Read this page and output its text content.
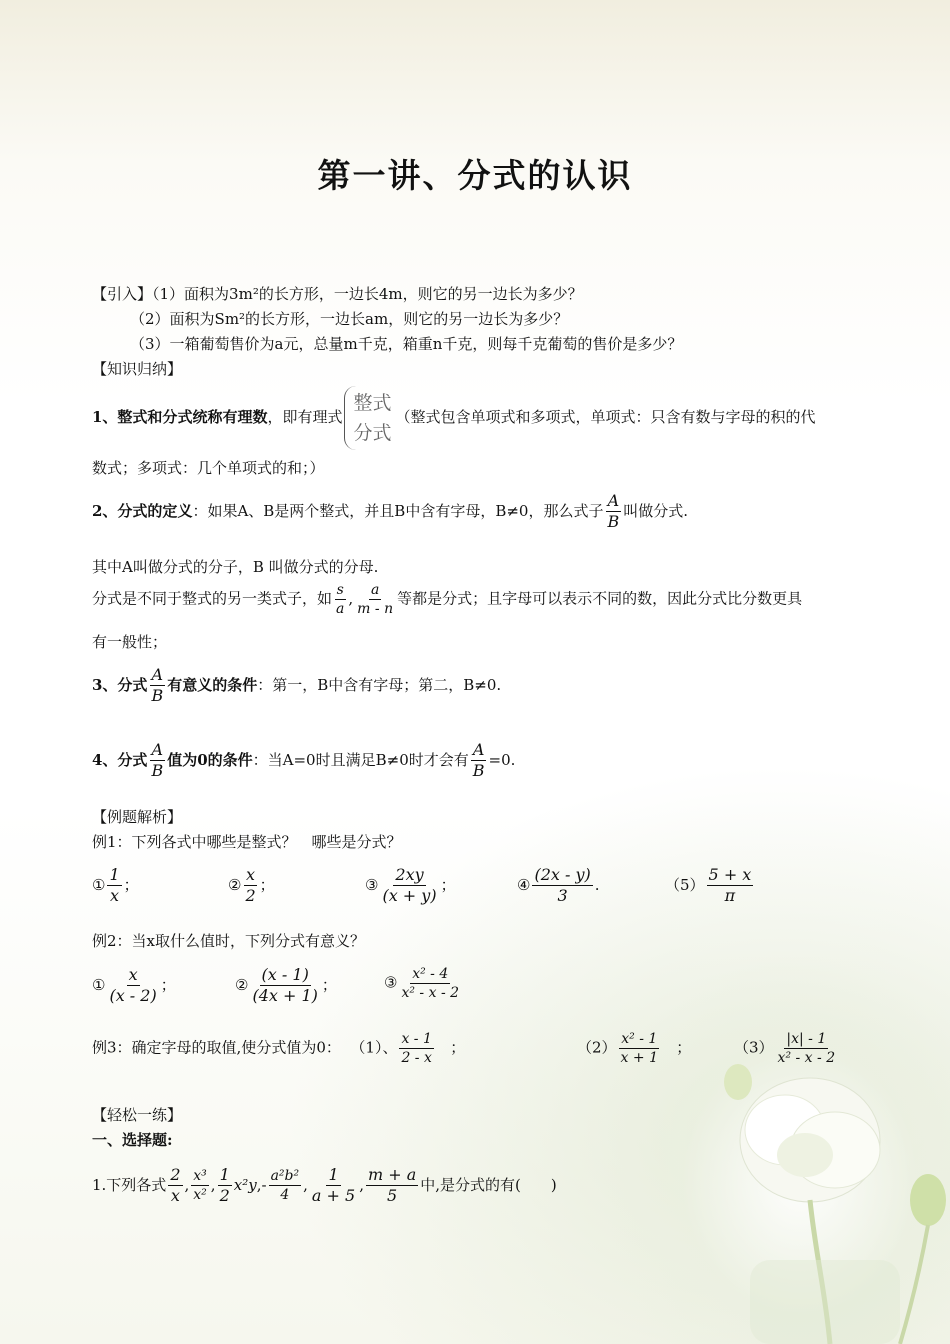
第一讲、分式的认识
【引入】（1）面积为3m²的长方形，一边长4m，则它的另一边长为多少？
（2）面积为Sm²的长方形，一边长am，则它的另一边长为多少？
（3）一箱葡萄售价为a元，总量m千克，箱重n千克，则每千克葡萄的售价是多少？
【知识归纳】
1、整式和分式统称有理数，即有理式
整式
分式
（整式包含单项式和多项式，单项式：只含有数与字母的积的代
数式；多项式：几个单项式的和；）
2、分式的定义：如果A、B是两个整式，并且B中含有字母，B≠0，那么式子 $\frac{A}{B}$ 叫做分式.
其中A叫做分式的分子，B 叫做分式的分母.
分式是不同于整式的另一类式子，如 $\frac{s}{a}$ , $\frac{a}{m - n}$ 等都是分式；且字母可以表示不同的数，因此分式比分数更具
有一般性；
3、分式 $\frac{A}{B}$ 有意义的条件：第一，B中含有字母；第二，B≠0.
4、分式 $\frac{A}{B}$ 值为0的条件：当A=0时且满足B≠0时才会有 $\frac{A}{B} =0$.
【例题解析】
例1：下列各式中哪些是整式？　哪些是分式？
① $\frac{1}{x}$ ；	② $\frac{x}{2}$ ；	③ $\frac{2xy}{(x + y)}$ ；	④ $\frac{(2x - y)}{3}$ .	$(5) \frac{5 + x}{\pi}$
例2：当x取什么值时，下列分式有意义？
① $\frac{x}{(x - 2)}$ ；	② $\frac{(x - 1)}{(4x + 1)}$ ；	③ $\frac{\text{x² - 4}}{\text{x² - x - 2}}$
例3：确定字母的取值,使分式值为0： （1）、 $\frac{x - 1}{2 - x}$ ；	$(2) \frac{\text{x² - 1}}{x + 1}$ ；	$(3) \frac{|x| - 1}{\text{x² - x - 2}}$
【轻松一练】
一、选择题:
1.下列各式 $\frac{2}{x}$ , $\frac{\text{x³}}{\text{x²}}$ , $\frac{1}{2} x^2y,- \frac{\text{a²b²}}{4}$ , $\frac{1}{a + 5}$ , $\frac{m + a}{5}$ 中,是分式的有(　　)
